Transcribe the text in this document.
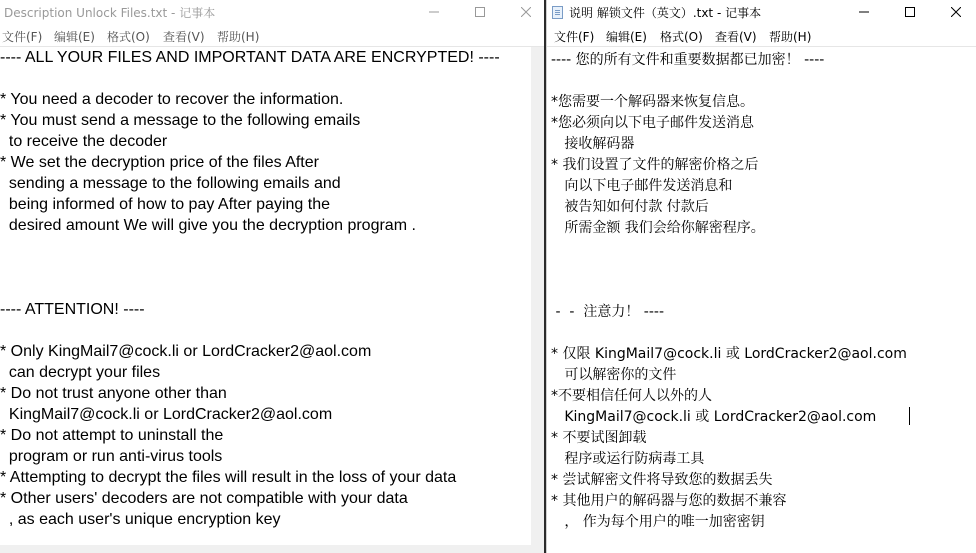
Description Unlock Files.txt - 记事本
文件(F) 编辑(E) 格式(O) 查看(V) 帮助(H)
---- ALL YOUR FILES AND IMPORTANT DATA ARE ENCRYPTED! ----
* You need a decoder to recover the information.
* You must send a message to the following emails
to receive the decoder
* We set the decryption price of the files After
sending a message to the following emails and
being informed of how to pay After paying the
desired amount We will give you the decryption program .
---- ATTENTION! ----
* Only KingMail7@cock.li or LordCracker2@aol.com
can decrypt your files
* Do not trust anyone other than
KingMail7@cock.li or LordCracker2@aol.com
* Do not attempt to uninstall the
program or run anti-virus tools
* Attempting to decrypt the files will result in the loss of your data
* Other users' decoders are not compatible with your data
, as each user's unique encryption key
说明 解锁文件（英文）.txt - 记事本
文件(F) 编辑(E) 格式(O) 查看(V) 帮助(H)
---- 您的所有文件和重要数据都已加密！ ----
*您需要一个解码器来恢复信息。
*您必须向以下电子邮件发送消息
接收解码器
* 我们设置了文件的解密价格之后
向以下电子邮件发送消息和
被告知如何付款 付款后
所需金额 我们会给你解密程序。
-  -  注意力！ ----
* 仅限 KingMail7@cock.li 或 LordCracker2@aol.com
可以解密你的文件
*不要相信任何人以外的人
KingMail7@cock.li 或 LordCracker2@aol.com
* 不要试图卸载
程序或运行防病毒工具
* 尝试解密文件将导致您的数据丢失
* 其他用户的解码器与您的数据不兼容
， 作为每个用户的唯一加密密钥
